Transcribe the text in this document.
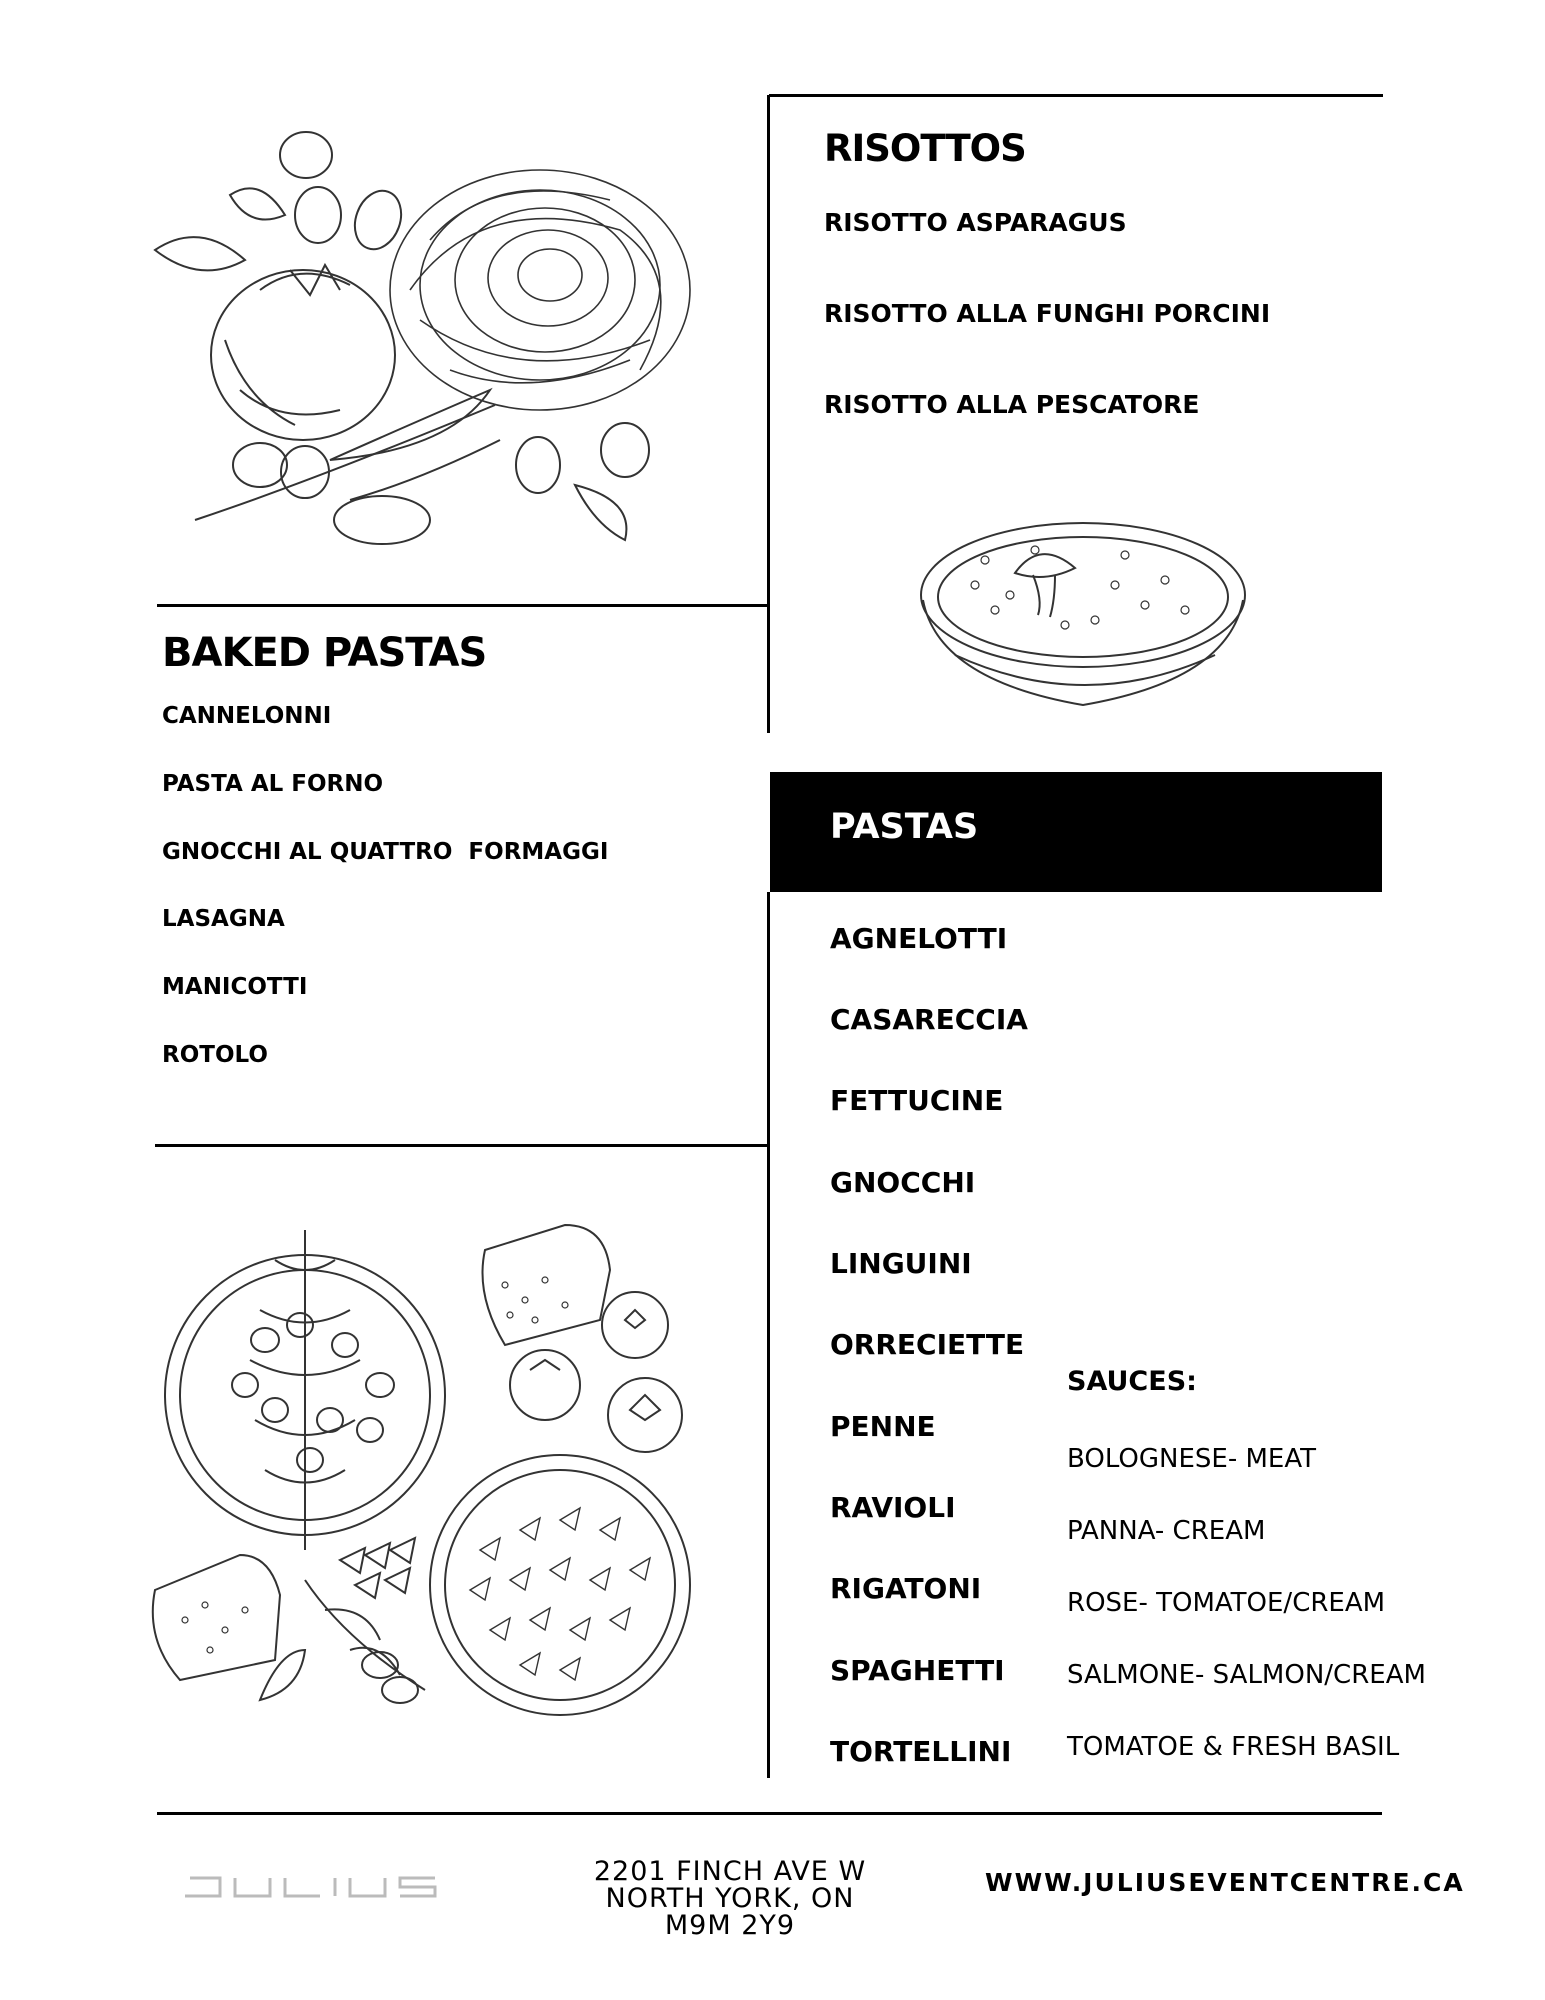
RISOTTOS
RISOTTO ASPARAGUS
RISOTTO ALLA FUNGHI PORCINI
RISOTTO ALLA PESCATORE
BAKED PASTAS
CANNELONNI
PASTA AL FORNO
GNOCCHI AL QUATTRO  FORMAGGI
LASAGNA
MANICOTTI
ROTOLO
PASTAS
AGNELOTTI
CASARECCIA
FETTUCINE
GNOCCHI
LINGUINI
ORRECIETTE
PENNE
RAVIOLI
RIGATONI
SPAGHETTI
TORTELLINI
SAUCES:
BOLOGNESE- MEAT
PANNA- CREAM
ROSE- TOMATOE/CREAM
SALMONE- SALMON/CREAM
TOMATOE & FRESH BASIL
2201 FINCH AVE W
NORTH YORK, ON
M9M 2Y9
WWW.JULIUSEVENTCENTRE.CA
